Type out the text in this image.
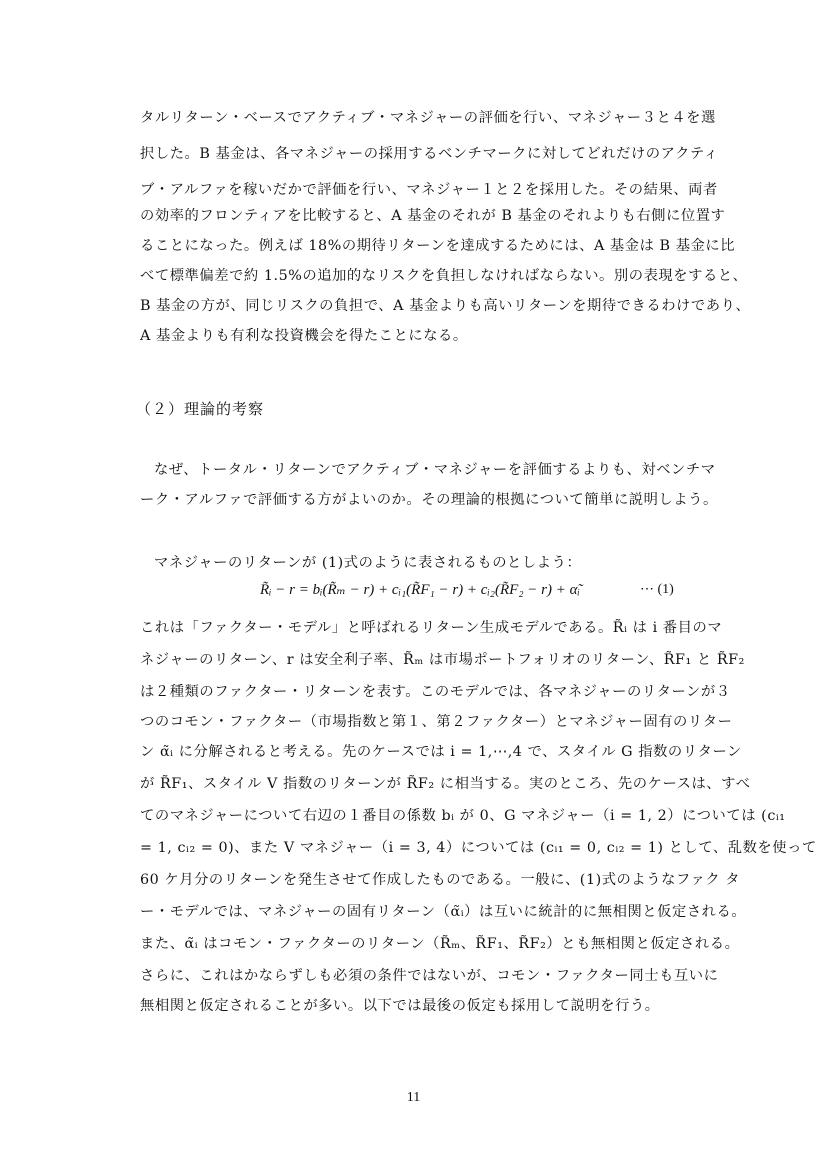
タルリターン・ベースでアクティブ・マネジャーの評価を行い、マネジャー３と４を選
択した。B 基金は、各マネジャーの採用するベンチマークに対してどれだけのアクティ
ブ・アルファを稼いだかで評価を行い、マネジャー１と２を採用した。その結果、両者
の効率的フロンティアを比較すると、A 基金のそれが B 基金のそれよりも右側に位置す
ることになった。例えば 18%の期待リターンを達成するためには、A 基金は B 基金に比
べて標準偏差で約 1.5%の追加的なリスクを負担しなければならない。別の表現をすると、
B 基金の方が、同じリスクの負担で、A 基金よりも高いリターンを期待できるわけであり、
A 基金よりも有利な投資機会を得たことになる。
（２）理論的考察
なぜ、トータル・リターンでアクティブ・マネジャーを評価するよりも、対ベンチマ
ーク・アルファで評価する方がよいのか。その理論的根拠について簡単に説明しよう。
マネジャーのリターンが (1)式のように表されるものとしよう：
R̃ᵢ − r = bᵢ(R̃ₘ − r) + cᵢ₁(R̃F₁ − r) + cᵢ₂(R̃F₂ − r) + α̃ᵢ	⋯ (1)
これは「ファクター・モデル」と呼ばれるリターン生成モデルである。R̃ᵢ は i 番目のマ
ネジャーのリターン、r は安全利子率、R̃ₘ は市場ポートフォリオのリターン、R̃F₁ と R̃F₂
は２種類のファクター・リターンを表す。このモデルでは、各マネジャーのリターンが３
つのコモン・ファクター（市場指数と第１、第２ファクター）とマネジャー固有のリター
ン α̃ᵢ に分解されると考える。先のケースでは i = 1,⋯,4 で、スタイル G 指数のリターン
が R̃F₁、スタイル V 指数のリターンが R̃F₂ に相当する。実のところ、先のケースは、すべ
てのマネジャーについて右辺の１番目の係数 bᵢ が 0、G マネジャー（i = 1, 2）については (cᵢ₁
= 1, cᵢ₂ = 0)、また V マネジャー（i = 3, 4）については (cᵢ₁ = 0, cᵢ₂ = 1) として、乱数を使って
60 ケ月分のリターンを発生させて作成したものである。一般に、(1)式のようなファク タ
ー・モデルでは、マネジャーの固有リターン（α̃ᵢ）は互いに統計的に無相関と仮定される。
また、α̃ᵢ はコモン・ファクターのリターン（R̃ₘ、R̃F₁、R̃F₂）とも無相関と仮定される。
さらに、これはかならずしも必須の条件ではないが、コモン・ファクター同士も互いに
無相関と仮定されることが多い。以下では最後の仮定も採用して説明を行う。
11
